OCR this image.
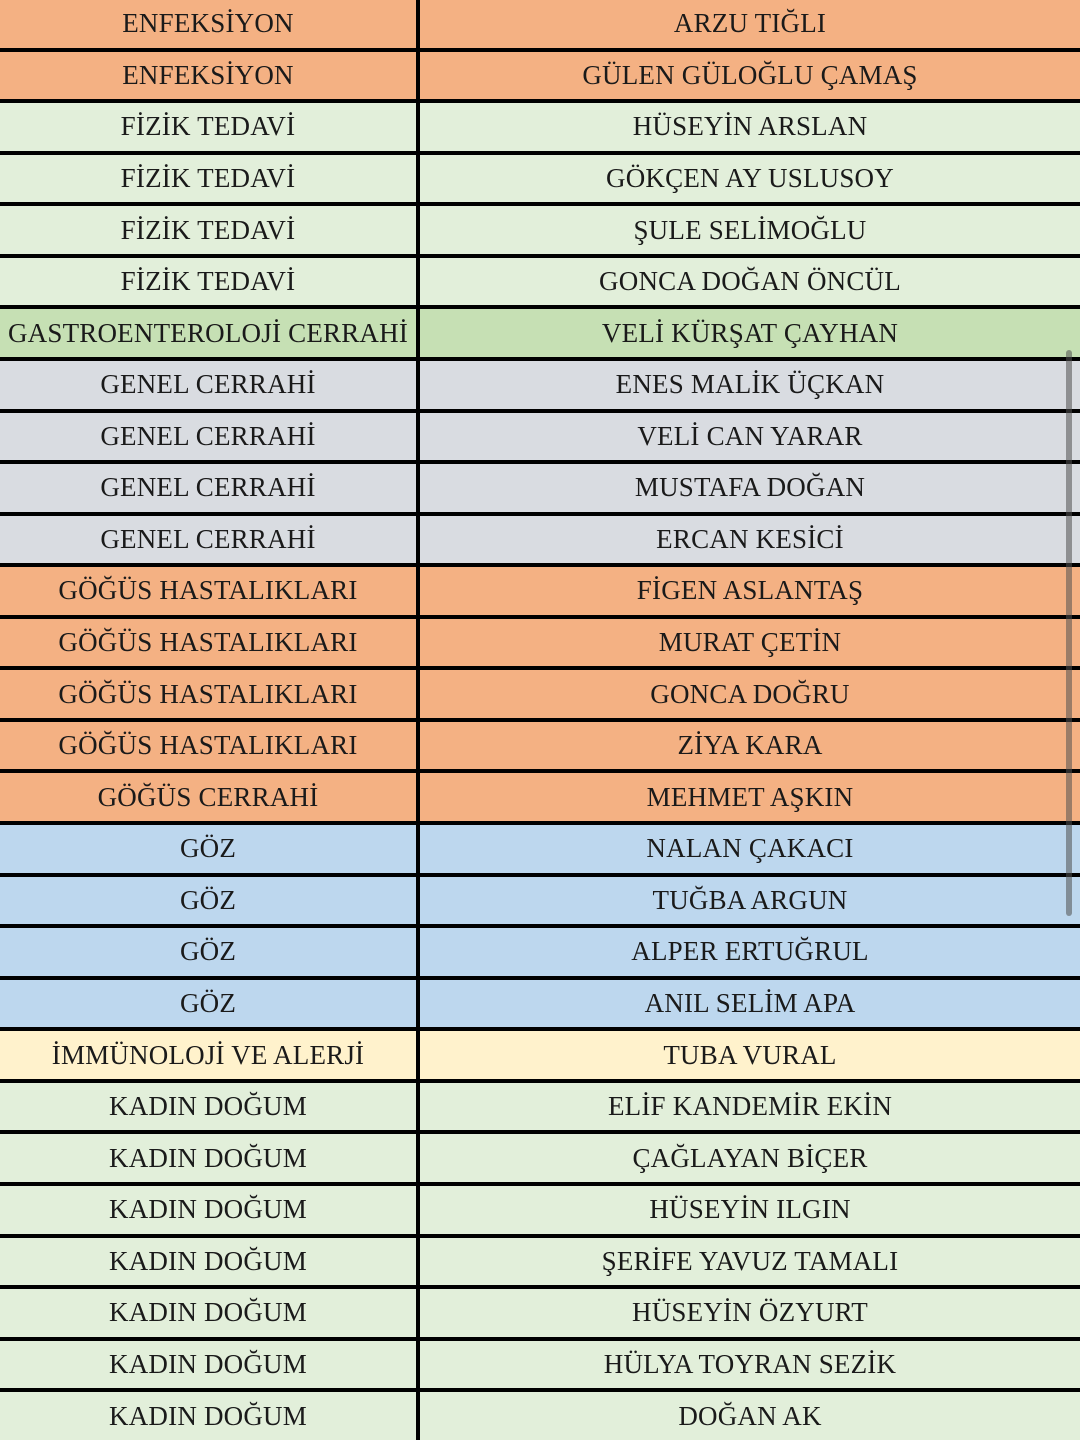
ENFEKSİYON	ARZU TIĞLI
ENFEKSİYON	GÜLEN GÜLOĞLU ÇAMAŞ
FİZİK TEDAVİ	HÜSEYİN ARSLAN
FİZİK TEDAVİ	GÖKÇEN AY USLUSOY
FİZİK TEDAVİ	ŞULE SELİMOĞLU
FİZİK TEDAVİ	GONCA DOĞAN ÖNCÜL
GASTROENTEROLOJİ CERRAHİ	VELİ KÜRŞAT ÇAYHAN
GENEL CERRAHİ	ENES MALİK ÜÇKAN
GENEL CERRAHİ	VELİ CAN YARAR
GENEL CERRAHİ	MUSTAFA DOĞAN
GENEL CERRAHİ	ERCAN KESİCİ
GÖĞÜS HASTALIKLARI	FİGEN ASLANTAŞ
GÖĞÜS HASTALIKLARI	MURAT ÇETİN
GÖĞÜS HASTALIKLARI	GONCA DOĞRU
GÖĞÜS HASTALIKLARI	ZİYA KARA
GÖĞÜS CERRAHİ	MEHMET AŞKIN
GÖZ	NALAN ÇAKACI
GÖZ	TUĞBA ARGUN
GÖZ	ALPER ERTUĞRUL
GÖZ	ANIL SELİM APA
İMMÜNOLOJİ VE ALERJİ	TUBA VURAL
KADIN DOĞUM	ELİF KANDEMİR EKİN
KADIN DOĞUM	ÇAĞLAYAN BİÇER
KADIN DOĞUM	HÜSEYİN ILGIN
KADIN DOĞUM	ŞERİFE YAVUZ TAMALI
KADIN DOĞUM	HÜSEYİN ÖZYURT
KADIN DOĞUM	HÜLYA TOYRAN SEZİK
KADIN DOĞUM	DOĞAN AK
